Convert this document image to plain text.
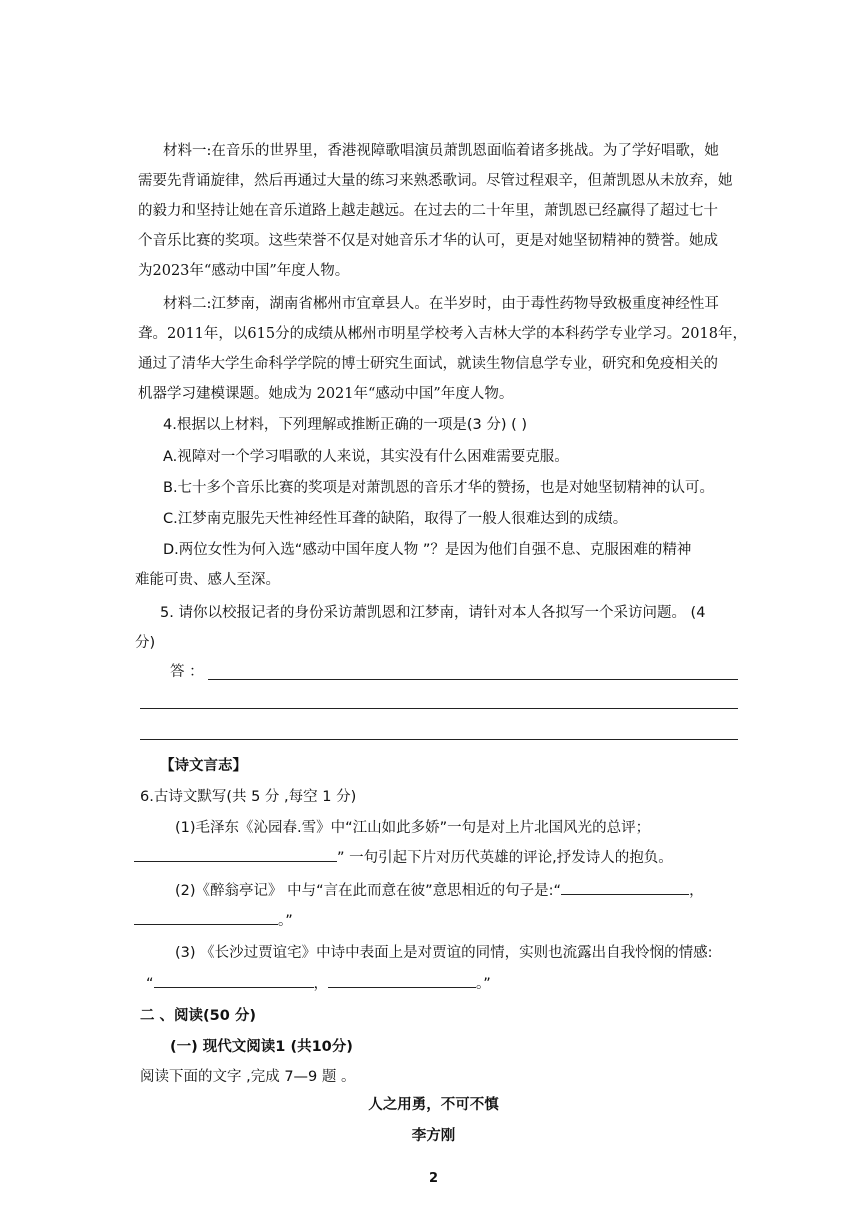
材料一:在音乐的世界里，香港视障歌唱演员萧凯恩面临着诸多挑战。为了学好唱歌，她
需要先背诵旋律，然后再通过大量的练习来熟悉歌词。尽管过程艰辛，但萧凯恩从未放弃，她
的毅力和坚持让她在音乐道路上越走越远。在过去的二十年里，萧凯恩已经赢得了超过七十
个音乐比赛的奖项。这些荣誉不仅是对她音乐才华的认可，更是对她坚韧精神的赞誉。她成
为2023年“感动中国”年度人物。
材料二:江梦南，湖南省郴州市宜章县人。在半岁时，由于毒性药物导致极重度神经性耳
聋。2011年，以615分的成绩从郴州市明星学校考入吉林大学的本科药学专业学习。2018年，
通过了清华大学生命科学学院的博士研究生面试，就读生物信息学专业，研究和免疫相关的
机器学习建模课题。她成为 2021年“感动中国”年度人物。
4.根据以上材料，下列理解或推断正确的一项是(3 分) ( )
A.视障对一个学习唱歌的人来说，其实没有什么困难需要克服。
B.七十多个音乐比赛的奖项是对萧凯恩的音乐才华的赞扬，也是对她坚韧精神的认可。
C.江梦南克服先天性神经性耳聋的缺陷，取得了一般人很难达到的成绩。
D.两位女性为何入选“感动中国年度人物 ”？是因为他们自强不息、克服困难的精神
难能可贵、感人至深。
5. 请你以校报记者的身份采访萧凯恩和江梦南，请针对本人各拟写一个采访问题。 (4
分)
答 ：
【诗文言志】
6.古诗文默写(共 5 分 ,每空 1 分)
(1)毛泽东《沁园春.雪》中“江山如此多娇”一句是对上片北国风光的总评；
” 一句引起下片对历代英雄的评论,抒发诗人的抱负。
(2)《醉翁亭记》 中与“言在此而意在彼”意思相近的句子是:“	，
。”
(3) 《长沙过贾谊宅》中诗中表面上是对贾谊的同情，实则也流露出自我怜悯的情感:
“	，	。”
二 、阅读(50 分)
(一) 现代文阅读1 (共10分)
阅读下面的文字 ,完成 7—9 题 。
人之用勇，不可不慎
李方刚
2
